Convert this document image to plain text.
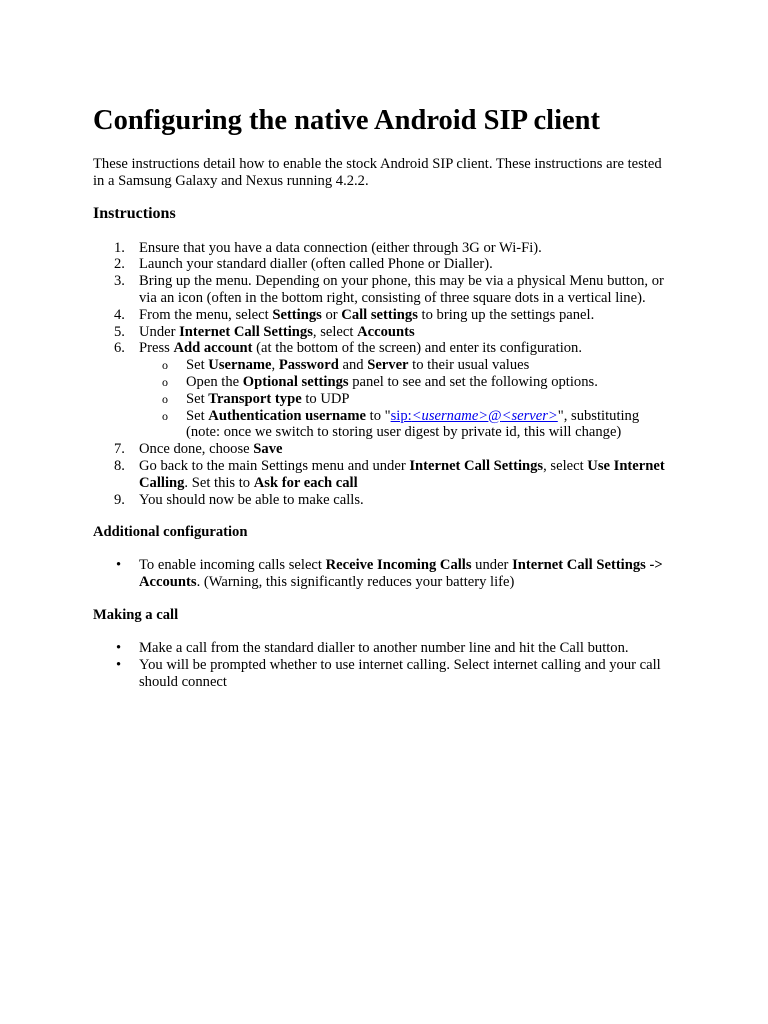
Configuring the native Android SIP client

These instructions detail how to enable the stock Android SIP client. These instructions are tested in a Samsung Galaxy and Nexus running 4.2.2.

Instructions
1. Ensure that you have a data connection (either through 3G or Wi-Fi).
2. Launch your standard dialler (often called Phone or Dialler).
3. Bring up the menu. Depending on your phone, this may be via a physical Menu button, or via an icon (often in the bottom right, consisting of three square dots in a vertical line).
4. From the menu, select Settings or Call settings to bring up the settings panel.
5. Under Internet Call Settings, select Accounts
6. Press Add account (at the bottom of the screen) and enter its configuration.
o Set Username, Password and Server to their usual values
o Open the Optional settings panel to see and set the following options.
o Set Transport type to UDP
o Set Authentication username to "sip:<username>@<server>", substituting (note: once we switch to storing user digest by private id, this will change)
7. Once done, choose Save
8. Go back to the main Settings menu and under Internet Call Settings, select Use Internet Calling. Set this to Ask for each call
9. You should now be able to make calls.
Additional configuration
• To enable incoming calls select Receive Incoming Calls under Internet Call Settings -> Accounts. (Warning, this significantly reduces your battery life)
Making a call
• Make a call from the standard dialler to another number line and hit the Call button.
• You will be prompted whether to use internet calling. Select internet calling and your call should connect
